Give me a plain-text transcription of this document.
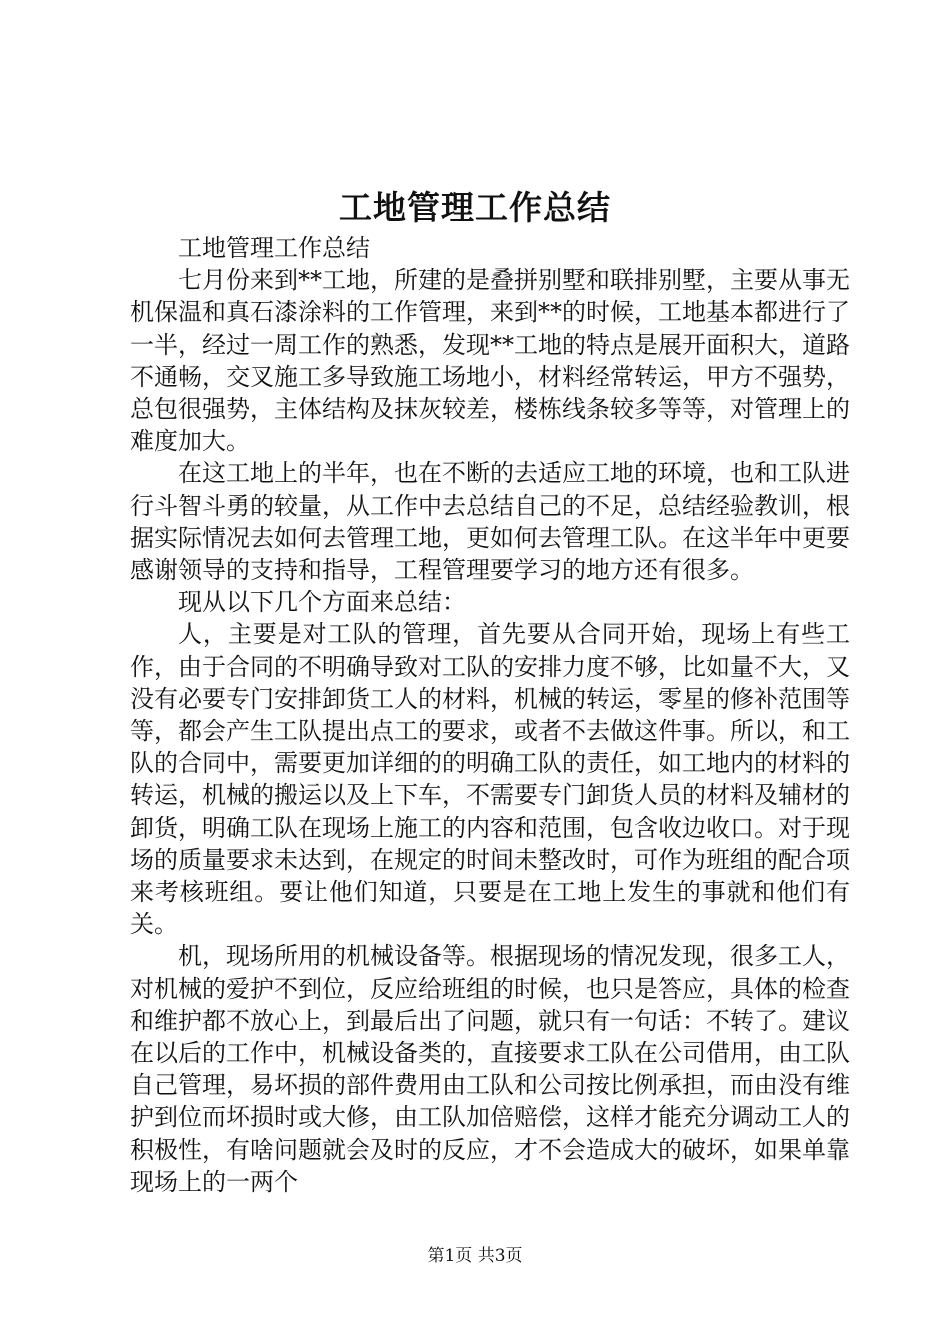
工地管理工作总结

工地管理工作总结

七月份来到**工地，所建的是叠拼别墅和联排别墅，主要从事无机保温和真石漆涂料的工作管理，来到**的时候，工地基本都进行了一半，经过一周工作的熟悉，发现**工地的特点是展开面积大，道路不通畅，交叉施工多导致施工场地小，材料经常转运，甲方不强势，总包很强势，主体结构及抹灰较差，楼栋线条较多等等，对管理上的难度加大。

在这工地上的半年，也在不断的去适应工地的环境，也和工队进行斗智斗勇的较量，从工作中去总结自己的不足，总结经验教训，根据实际情况去如何去管理工地，更如何去管理工队。在这半年中更要感谢领导的支持和指导，工程管理要学习的地方还有很多。

现从以下几个方面来总结：

人，主要是对工队的管理，首先要从合同开始，现场上有些工作，由于合同的不明确导致对工队的安排力度不够，比如量不大，又没有必要专门安排卸货工人的材料，机械的转运，零星的修补范围等等，都会产生工队提出点工的要求，或者不去做这件事。所以，和工队的合同中，需要更加详细的的明确工队的责任，如工地内的材料的转运，机械的搬运以及上下车，不需要专门卸货人员的材料及辅材的卸货，明确工队在现场上施工的内容和范围，包含收边收口。对于现场的质量要求未达到，在规定的时间未整改时，可作为班组的配合项来考核班组。要让他们知道，只要是在工地上发生的事就和他们有关。

机，现场所用的机械设备等。根据现场的情况发现，很多工人，对机械的爱护不到位，反应给班组的时候，也只是答应，具体的检查和维护都不放心上，到最后出了问题，就只有一句话：不转了。建议在以后的工作中，机械设备类的，直接要求工队在公司借用，由工队自己管理，易坏损的部件费用由工队和公司按比例承担，而由没有维护到位而坏损时或大修，由工队加倍赔偿，这样才能充分调动工人的积极性，有啥问题就会及时的反应，才不会造成大的破坏，如果单靠现场上的一两个

第1页 共3页
